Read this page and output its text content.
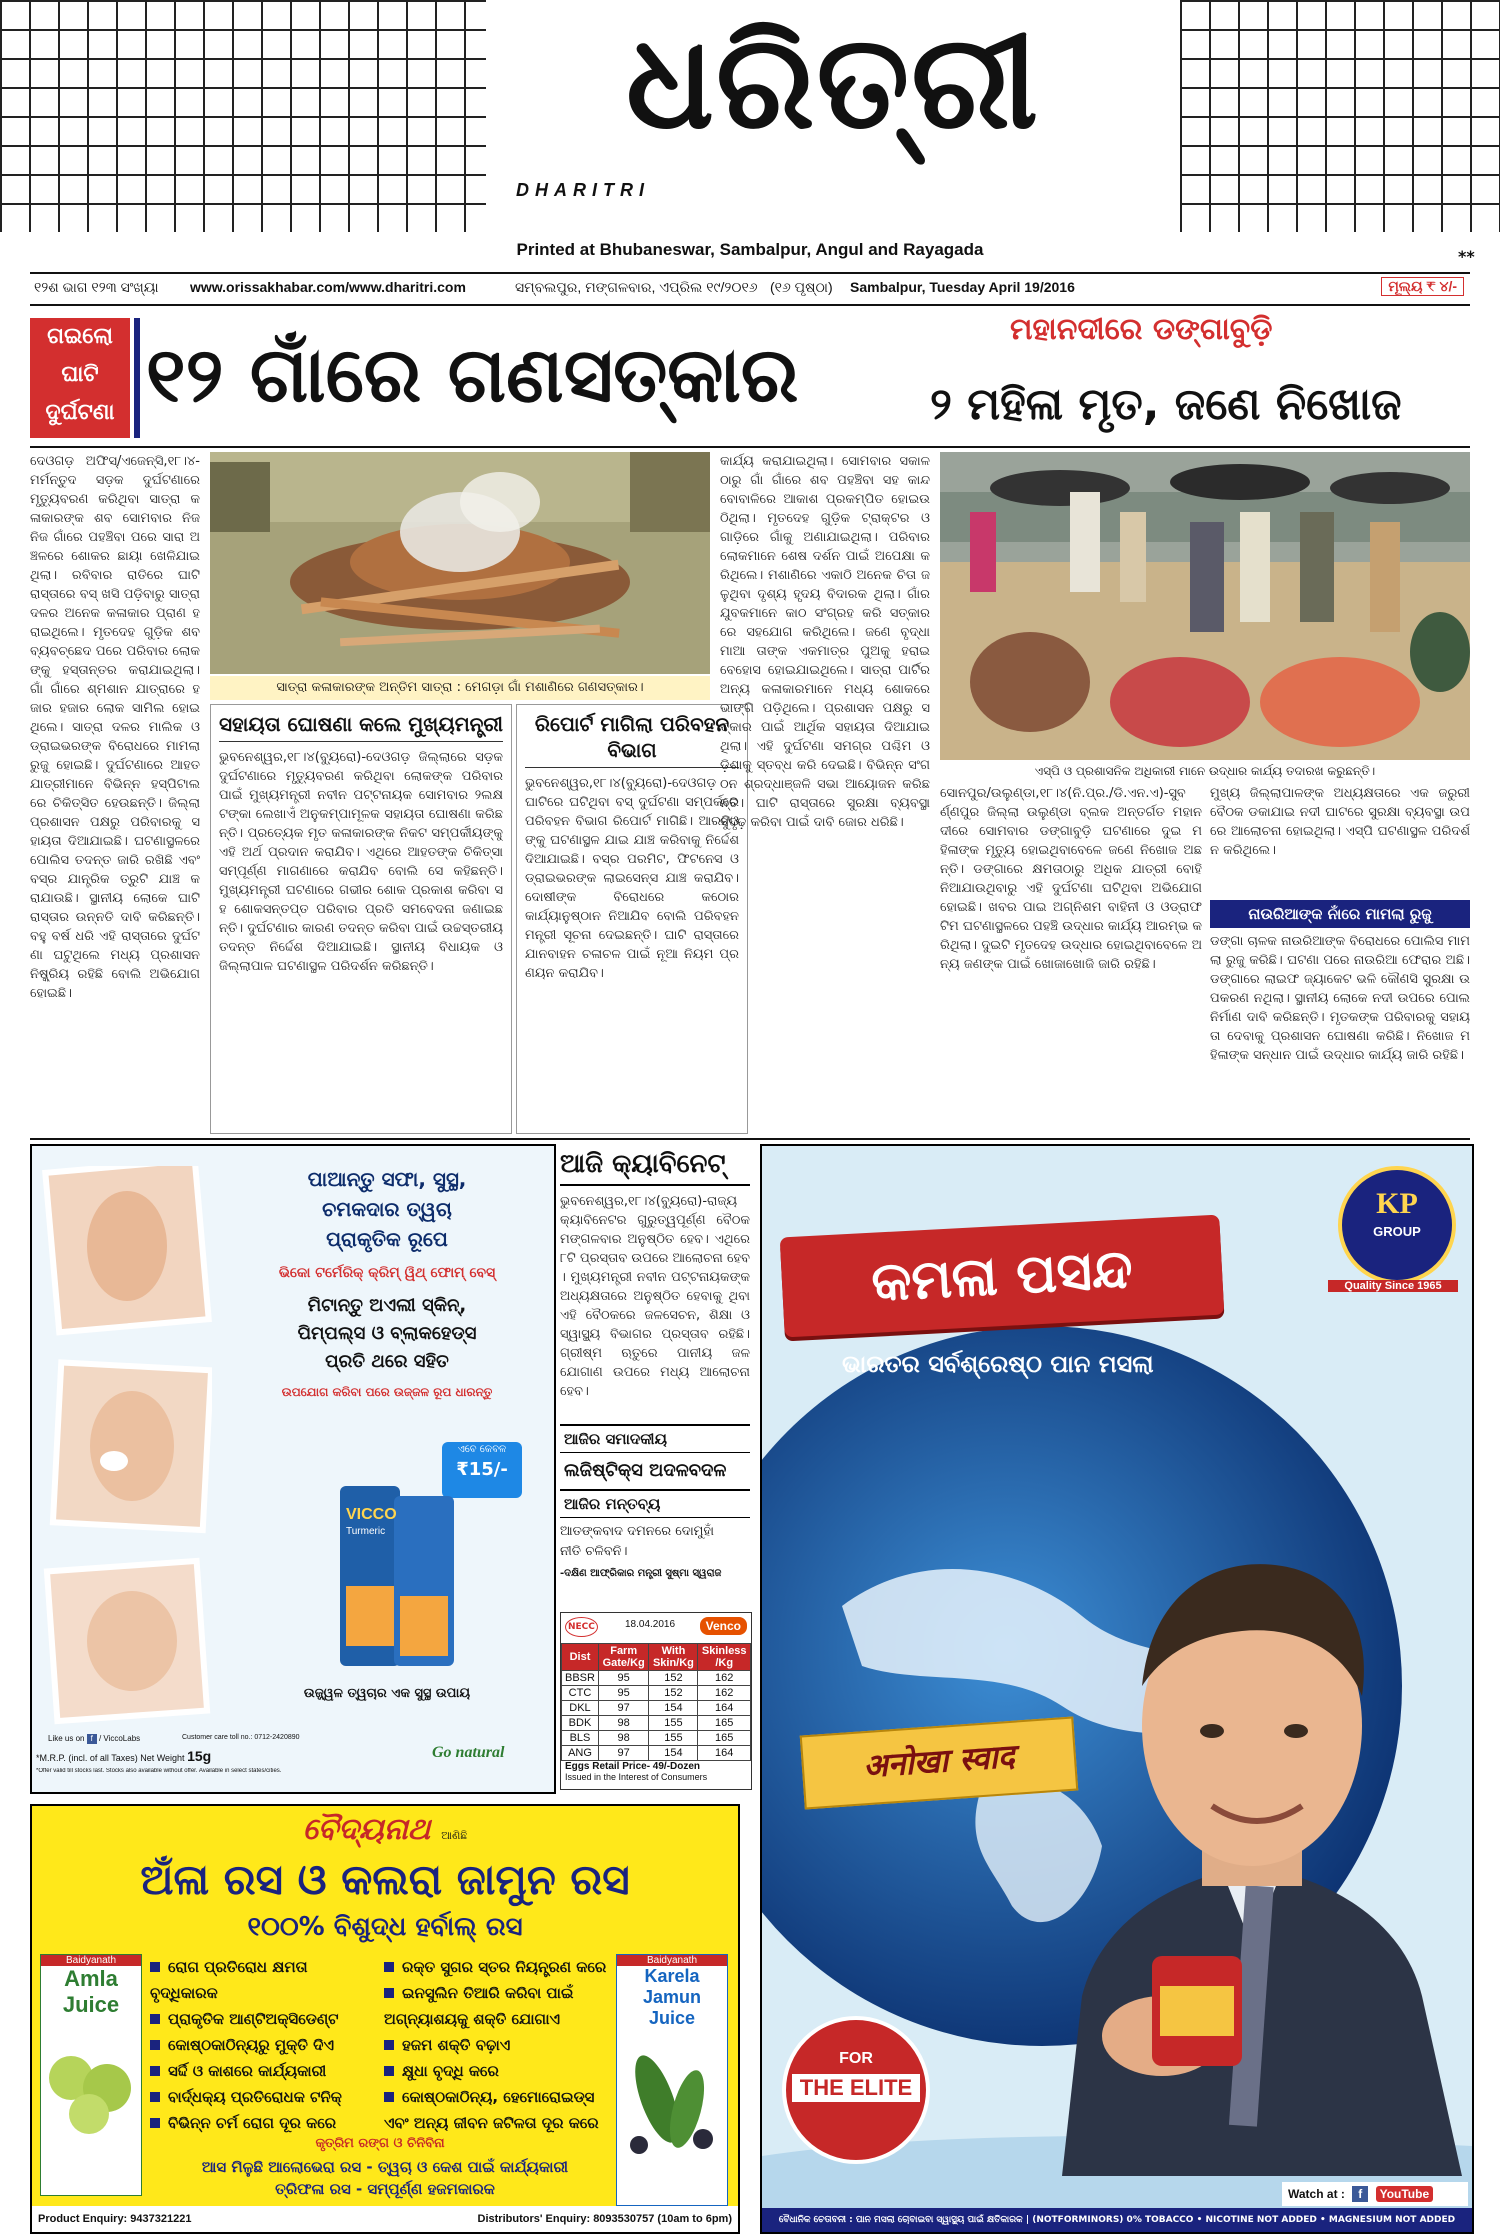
ଧରିତ୍ରୀ
DHARITRI
Printed at Bhubaneswar, Sambalpur, Angul and Rayagada	**
୧୨ଶ ଭାଗ ୧୨୩ ସଂଖ୍ୟା www.orissakhabar.com/www.dharitri.com	ସମ୍ବଲପୁର, ମଙ୍ଗଳବାର, ଏପ୍ରିଲ ୧୯/୨୦୧୬ (୧୬ ପୃଷ୍ଠା) Sambalpur, Tuesday April 19/2016	ମୂଲ୍ୟ ₹ ୪/-
ଗଇଲୋ
ଘାଟି
ଦୁର୍ଘଟଣା ୧୨ ଗାଁରେ ଗଣସତ୍କାର
ମହାନଦୀରେ ଡଙ୍ଗାବୁଡ଼ି
୨ ମହିଳା ମୃତ, ଜଣେ ନିଖୋଜ
ଦେଓଗଡ଼ ଅଫିସ୍‌/ଏଜେନ୍ସି,୧୮।୪- ମର୍ମନ୍ତୁଦ ସଡ଼କ ଦୁର୍ଘଟଣାରେ ମୃତ୍ୟୁବରଣ କରିଥିବା ସାତ୍ରା କଳାକାରଙ୍କ ଶବ ସୋମବାର ନିଜ ନିଜ ଗାଁରେ ପହଞ୍ଚିବା ପରେ ସାରା ଅଞ୍ଚଳରେ ଶୋକର ଛାୟା ଖେଳିଯାଇଥିଲା। ରବିବାର ରାତିରେ ଘାଟି ରାସ୍ତାରେ ବସ୍ ଖସି ପଡ଼ିବାରୁ ସାତ୍ରା ଦଳର ଅନେକ କଳାକାର ପ୍ରାଣ ହରାଇଥିଲେ। ମୃତଦେହ ଗୁଡ଼ିକ ଶବ ବ୍ୟବଚ୍ଛେଦ ପରେ ପରିବାର ଲୋକଙ୍କୁ ହସ୍ତାନ୍ତର କରାଯାଇଥିଲା। ଗାଁ ଗାଁରେ ଶ୍ମଶାନ ଯାତ୍ରାରେ ହଜାର ହଜାର ଲୋକ ସାମିଲ ହୋଇଥିଲେ। ସାତ୍ରା ଦଳର ମାଲିକ ଓ ଡ୍ରାଇଭରଙ୍କ ବିରୋଧରେ ମାମଲା ରୁଜୁ ହୋଇଛି। ଦୁର୍ଘଟଣାରେ ଆହତ ଯାତ୍ରୀମାନେ ବିଭିନ୍ନ ହସ୍ପିଟାଲରେ ଚିକିତ୍ସିତ ହେଉଛନ୍ତି। ଜିଲ୍ଲା ପ୍ରଶାସନ ପକ୍ଷରୁ ପରିବାରକୁ ସହାୟତା ଦିଆଯାଇଛି। ଘଟଣାସ୍ଥଳରେ ପୋଲିସ ତଦନ୍ତ ଜାରି ରଖିଛି ଏବଂ ବସ୍‌ର ଯାନ୍ତ୍ରିକ ତ୍ରୁଟି ଯାଞ୍ଚ କରାଯାଉଛି। ସ୍ଥାନୀୟ ଲୋକେ ଘାଟି ରାସ୍ତାର ଉନ୍ନତି ଦାବି କରିଛନ୍ତି। ବହୁ ବର୍ଷ ଧରି ଏହି ରାସ୍ତାରେ ଦୁର୍ଘଟଣା ଘଟୁଥିଲେ ମଧ୍ୟ ପ୍ରଶାସନ ନିଷ୍କ୍ରିୟ ରହିଛି ବୋଲି ଅଭିଯୋଗ ହୋଇଛି।
ସାତ୍ରା କଳାକାରଙ୍କ ଅନ୍ତିମ ସାତ୍ରା : ମେଗଡ଼ା ଗାଁ ମଶାଣିରେ ଗଣସତ୍କାର।
ସହାୟତା ଘୋଷଣା କଲେ ମୁଖ୍ୟମନ୍ତ୍ରୀ
ଭୁବନେଶ୍ୱର,୧୮।୪(ବ୍ୟୁରୋ)-ଦେଓଗଡ଼ ଜିଲ୍ଲାରେ ସଡ଼କ ଦୁର୍ଘଟଣାରେ ମୃତ୍ୟୁବରଣ କରିଥିବା ଲୋକଙ୍କ ପରିବାର ପାଇଁ ମୁଖ୍ୟମନ୍ତ୍ରୀ ନବୀନ ପଟ୍ଟନାୟକ ସୋମବାର ୨ଲକ୍ଷ ଟଙ୍କା ଲେଖାଏଁ ଅନୁକମ୍ପାମୂଳକ ସହାୟତା ଘୋଷଣା କରିଛନ୍ତି। ପ୍ରତ୍ୟେକ ମୃତ କଳାକାରଙ୍କ ନିକଟ ସମ୍ପର୍କୀୟଙ୍କୁ ଏହି ଅର୍ଥ ପ୍ରଦାନ କରାଯିବ। ଏଥିରେ ଆହତଙ୍କ ଚିକିତ୍ସା ସମ୍ପୂର୍ଣ୍ଣ ମାଗଣାରେ କରାଯିବ ବୋଲି ସେ କହିଛନ୍ତି। ମୁଖ୍ୟମନ୍ତ୍ରୀ ଘଟଣାରେ ଗଭୀର ଶୋକ ପ୍ରକାଶ କରିବା ସହ ଶୋକସନ୍ତପ୍ତ ପରିବାର ପ୍ରତି ସମବେଦନା ଜଣାଇଛନ୍ତି। ଦୁର୍ଘଟଣାର କାରଣ ତଦନ୍ତ କରିବା ପାଇଁ ଉଚ୍ଚସ୍ତରୀୟ ତଦନ୍ତ ନିର୍ଦ୍ଦେଶ ଦିଆଯାଇଛି। ସ୍ଥାନୀୟ ବିଧାୟକ ଓ ଜିଲ୍ଲାପାଳ ଘଟଣାସ୍ଥଳ ପରିଦର୍ଶନ କରିଛନ୍ତି।
ରିପୋର୍ଟ ମାଗିଲା ପରିବହନ ବିଭାଗ
ଭୁବନେଶ୍ୱର,୧୮।୪(ବ୍ୟୁରୋ)-ଦେଓଗଡ଼ ଘାଟିରେ ଘଟିଥିବା ବସ୍ ଦୁର୍ଘଟଣା ସମ୍ପର୍କରେ ପରିବହନ ବିଭାଗ ରିପୋର୍ଟ ମାଗିଛି। ଆରଟିଓଙ୍କୁ ଘଟଣାସ୍ଥଳ ଯାଇ ଯାଞ୍ଚ କରିବାକୁ ନିର୍ଦ୍ଦେଶ ଦିଆଯାଇଛି। ବସ୍‌ର ପରମିଟ, ଫିଟନେସ ଓ ଡ୍ରାଇଭରଙ୍କ ଲାଇସେନ୍ସ ଯାଞ୍ଚ କରାଯିବ। ଦୋଷୀଙ୍କ ବିରୋଧରେ କଠୋର କାର୍ଯ୍ୟାନୁଷ୍ଠାନ ନିଆଯିବ ବୋଲି ପରିବହନ ମନ୍ତ୍ରୀ ସୂଚନା ଦେଇଛନ୍ତି। ଘାଟି ରାସ୍ତାରେ ଯାନବାହନ ଚଳାଚଳ ପାଇଁ ନୂଆ ନିୟମ ପ୍ରଣୟନ କରାଯିବ।
କାର୍ଯ୍ୟ କରାଯାଇଥିଲା। ସୋମବାର ସକାଳ ଠାରୁ ଗାଁ ଗାଁରେ ଶବ ପହଞ୍ଚିବା ସହ କାନ୍ଦବୋବାଳିରେ ଆକାଶ ପ୍ରକମ୍ପିତ ହୋଇଉଠିଥିଲା। ମୃତଦେହ ଗୁଡ଼ିକ ଟ୍ରାକ୍ଟର ଓ ଗାଡ଼ିରେ ଗାଁକୁ ଅଣାଯାଇଥିଲା। ପରିବାର ଲୋକମାନେ ଶେଷ ଦର୍ଶନ ପାଇଁ ଅପେକ୍ଷା କରିଥିଲେ। ମଶାଣିରେ ଏକାଠି ଅନେକ ଚିତା ଜଳୁଥିବା ଦୃଶ୍ୟ ହୃଦୟ ବିଦାରକ ଥିଲା। ଗାଁର ଯୁବକମାନେ କାଠ ସଂଗ୍ରହ କରି ସତ୍କାରରେ ସହଯୋଗ କରିଥିଲେ। ଜଣେ ବୃଦ୍ଧା ମାଆ ତାଙ୍କ ଏକମାତ୍ର ପୁଅକୁ ହରାଇ ବେହୋସ ହୋଇଯାଇଥିଲେ। ସାତ୍ରା ପାର୍ଟିର ଅନ୍ୟ କଳାକାରମାନେ ମଧ୍ୟ ଶୋକରେ ଭାଙ୍ଗି ପଡ଼ିଥିଲେ। ପ୍ରଶାସନ ପକ୍ଷରୁ ସତ୍କାର ପାଇଁ ଆର୍ଥିକ ସହାୟତା ଦିଆଯାଇଥିଲା। ଏହି ଦୁର୍ଘଟଣା ସମଗ୍ର ପଶ୍ଚିମ ଓଡ଼ିଶାକୁ ସ୍ତବ୍ଧ କରି ଦେଇଛି। ବିଭିନ୍ନ ସଂଗଠନ ଶ୍ରଦ୍ଧାଞ୍ଜଳି ସଭା ଆୟୋଜନ କରିଛନ୍ତି। ଘାଟି ରାସ୍ତାରେ ସୁରକ୍ଷା ବ୍ୟବସ୍ଥା ସୁଦୃଢ଼ କରିବା ପାଇଁ ଦାବି ଜୋର ଧରିଛି।
ଏସ୍‌ପି ଓ ପ୍ରଶାସନିକ ଅଧିକାରୀ ମାନେ ଉଦ୍ଧାର କାର୍ଯ୍ୟ ତଦାରଖ କରୁଛନ୍ତି।
ସୋନପୁର/ଉଲୁଣ୍ଡା,୧୮।୪(ନି.ପ୍ର./ଡି.ଏନ.ଏ)-ସୁବର୍ଣ୍ଣପୁର ଜିଲ୍ଲା ଉଲୁଣ୍ଡା ବ୍ଲକ ଅନ୍ତର୍ଗତ ମହାନଦୀରେ ସୋମବାର ଡଙ୍ଗାବୁଡ଼ି ଘଟଣାରେ ଦୁଇ ମହିଳାଙ୍କ ମୃତ୍ୟୁ ହୋଇଥିବାବେଳେ ଜଣେ ନିଖୋଜ ଅଛନ୍ତି। ଡଙ୍ଗାରେ କ୍ଷମତାଠାରୁ ଅଧିକ ଯାତ୍ରୀ ବୋହି ନିଆଯାଉଥିବାରୁ ଏହି ଦୁର୍ଘଟଣା ଘଟିଥିବା ଅଭିଯୋଗ ହୋଇଛି। ଖବର ପାଇ ଅଗ୍ନିଶମ ବାହିନୀ ଓ ଓଡ୍ରାଫ ଟିମ ଘଟଣାସ୍ଥଳରେ ପହଞ୍ଚି ଉଦ୍ଧାର କାର୍ଯ୍ୟ ଆରମ୍ଭ କରିଥିଲା। ଦୁଇଟି ମୃତଦେହ ଉଦ୍ଧାର ହୋଇଥିବାବେଳେ ଅନ୍ୟ ଜଣଙ୍କ ପାଇଁ ଖୋଜାଖୋଜି ଜାରି ରହିଛି।
ନାଉରିଆଙ୍କ ନାଁରେ ମାମଲା ରୁଜୁ
ମୁଖ୍ୟ ଜିଲ୍ଲାପାଳଙ୍କ ଅଧ୍ୟକ୍ଷତାରେ ଏକ ଜରୁରୀ ବୈଠକ ଡକାଯାଇ ନଦୀ ଘାଟରେ ସୁରକ୍ଷା ବ୍ୟବସ୍ଥା ଉପରେ ଆଲୋଚନା ହୋଇଥିଲା। ଏସ୍‌ପି ଘଟଣାସ୍ଥଳ ପରିଦର୍ଶନ କରିଥିଲେ।
ଡଙ୍ଗା ଚାଳକ ନାଉରିଆଙ୍କ ବିରୋଧରେ ପୋଲିସ ମାମଲା ରୁଜୁ କରିଛି। ଘଟଣା ପରେ ନାଉରିଆ ଫେରାର ଅଛି। ଡଙ୍ଗାରେ ଲାଇଫ ଜ୍ୟାକେଟ ଭଳି କୌଣସି ସୁରକ୍ଷା ଉପକରଣ ନଥିଲା। ସ୍ଥାନୀୟ ଲୋକେ ନଦୀ ଉପରେ ପୋଲ ନିର୍ମାଣ ଦାବି କରିଛନ୍ତି। ମୃତକଙ୍କ ପରିବାରକୁ ସହାୟତା ଦେବାକୁ ପ୍ରଶାସନ ଘୋଷଣା କରିଛି। ନିଖୋଜ ମହିଳାଙ୍କ ସନ୍ଧାନ ପାଇଁ ଉଦ୍ଧାର କାର୍ଯ୍ୟ ଜାରି ରହିଛି।
ପାଆନ୍ତୁ ସଫା, ସୁସ୍ଥ,
ଚମକଦାର ତ୍ୱଚା
ପ୍ରାକୃତିକ ରୂପେ
ଭିକୋ ଟର୍ମେରିକ୍ କ୍ରିମ୍ ୱିଥ୍ ଫୋମ୍ ବେସ୍
ମିଟାନ୍ତୁ ଅଏଲୀ ସ୍କିନ୍,
ପିମ୍ପଲ୍ସ ଓ ବ୍ଲାକହେଡ୍ସ
ପ୍ରତି ଥରେ ସହିତ
ଉପଯୋଗ କରିବା ପରେ ଉଜ୍ଜଳ ରୂପ ଧାରନ୍ତୁ
ଏବେ କେବଳ
₹15/-
VICCO
Turmeric
ଉଜ୍ଜ୍ୱଳ ତ୍ୱଚାର ଏକ ସୁସ୍ଥ ଉପାୟ
Like us on f / ViccoLabs	Customer care toll no.: 0712-2420890
*M.R.P. (incl. of all Taxes) Net Weight 15g
*Offer valid till stocks last. Stocks also available without offer. Available in select states/cities.
Go natural
ଆଜି କ୍ୟାବିନେଟ୍
ଭୁବନେଶ୍ୱର,୧୮।୪(ବ୍ୟୁରୋ)-ରାଜ୍ୟ କ୍ୟାବିନେଟର ଗୁରୁତ୍ୱପୂର୍ଣ୍ଣ ବୈଠକ ମଙ୍ଗଳବାର ଅନୁଷ୍ଠିତ ହେବ। ଏଥିରେ ୮ଟି ପ୍ରସ୍ତାବ ଉପରେ ଆଲୋଚନା ହେବ। ମୁଖ୍ୟମନ୍ତ୍ରୀ ନବୀନ ପଟ୍ଟନାୟକଙ୍କ ଅଧ୍ୟକ୍ଷତାରେ ଅନୁଷ୍ଠିତ ହେବାକୁ ଥିବା ଏହି ବୈଠକରେ ଜଳସେଚନ, ଶିକ୍ଷା ଓ ସ୍ୱାସ୍ଥ୍ୟ ବିଭାଗର ପ୍ରସ୍ତାବ ରହିଛି। ଗ୍ରୀଷ୍ମ ଋତୁରେ ପାନୀୟ ଜଳ ଯୋଗାଣ ଉପରେ ମଧ୍ୟ ଆଲୋଚନା ହେବ।
ଆଜିର ସମାଦକୀୟ
ଲଜିଷ୍ଟିକ୍ସ ଅଦଳବଦଳ
ଆଜିର ମନ୍ତବ୍ୟ
ଆତଙ୍କବାଦ ଦମନରେ ଦୋମୁହାଁ
ନୀତି ଚଳିବନି।
-ଦକ୍ଷିଣ ଆଫ୍ରିକାର ମନ୍ତ୍ରୀ ସୁଷ୍ମା ସ୍ୱରାଜ
NECC	18.04.2016	Venco
Dist	Farm Gate/Kg	With Skin/Kg	Skinless /Kg
BBSR	95	152	162
CTC	95	152	162
DKL	97	154	164
BDK	98	155	165
BLS	98	155	165
ANG	97	154	164
Eggs Retail Price- 49/-Dozen
Issued in the Interest of Consumers
ବୈଦ୍ୟନାଥ ଆଣିଛି
ଅଁଳା ରସ ଓ କଲରା ଜାମୁନ ରସ
୧୦୦% ବିଶୁଦ୍ଧ ହର୍ବାଲ୍ ରସ
Baidyanath
Amla
Juice
Baidyanath
Karela
Jamun
Juice
ରୋଗ ପ୍ରତିରୋଧ କ୍ଷମତା ବୃଦ୍ଧିକାରକ
ପ୍ରାକୃତିକ ଆଣ୍ଟିଅକ୍ସିଡେଣ୍ଟ
କୋଷ୍ଠକାଠିନ୍ୟରୁ ମୁକ୍ତି ଦିଏ
ସର୍ଦ୍ଦି ଓ କାଶରେ କାର୍ଯ୍ୟକାରୀ
ବାର୍ଦ୍ଧକ୍ୟ ପ୍ରତିରୋଧକ ଟନିକ୍
ବିଭିନ୍ନ ଚର୍ମ ରୋଗ ଦୂର କରେ
ରକ୍ତ ସୁଗର ସ୍ତର ନିୟନ୍ତ୍ରଣ କରେ
ଇନସୁଲିନ ତିଆରି କରିବା ପାଇଁ ଅଗ୍ନ୍ୟାଶୟକୁ ଶକ୍ତି ଯୋଗାଏ
ହଜମ ଶକ୍ତି ବଢ଼ାଏ
କ୍ଷୁଧା ବୃଦ୍ଧି କରେ
କୋଷ୍ଠକାଠିନ୍ୟ, ହେମୋରୋଇଡ୍ସ ଏବଂ ଅନ୍ୟ ଜୀବନ ଜଟିଳତା ଦୂର କରେ
କୃତ୍ରିମ ରଙ୍ଗ ଓ ଚିନିବିନା
ଆସ ମିଳୁଛି ଆଲୋଭେରା ରସ - ତ୍ୱଚା ଓ କେଶ ପାଇଁ କାର୍ଯ୍ୟକାରୀ
ତ୍ରିଫଳା ରସ - ସମ୍ପୂର୍ଣ୍ଣ ହଜମକାରକ
Product Enquiry: 9437321221	Distributors' Enquiry: 8093530757 (10am to 6pm)
କମଳା ପସନ୍ଦ
ଭାରତର ସର୍ବଶ୍ରେଷ୍ଠ ପାନ ମସଲା
KP
GROUP
Quality Since 1965
अनोखा स्वाद
FOR
THE ELITE
Watch at : f YouTube
ବୈଧାନିକ ଚେତାବନୀ : ପାନ ମସଲା ଚୋବାଇବା ସ୍ୱାସ୍ଥ୍ୟ ପାଇଁ କ୍ଷତିକାରକ | (NOTFORMINORS) 0% TOBACCO • NICOTINE NOT ADDED • MAGNESIUM NOT ADDED
